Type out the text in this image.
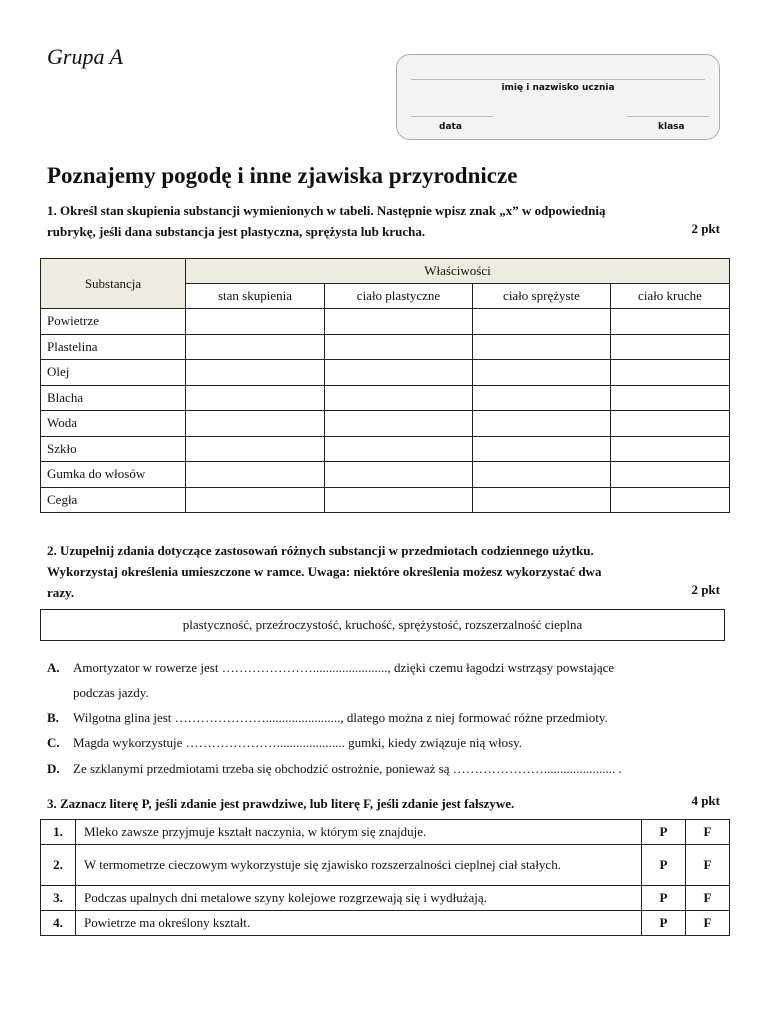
Grupa A
imię i nazwisko ucznia
data	klasa
Poznajemy pogodę i inne zjawiska przyrodnicze
1. Określ stan skupienia substancji wymienionych w tabeli. Następnie wpisz znak „x” w odpowiednią
rubrykę, jeśli dana substancja jest plastyczna, sprężysta lub krucha.	2 pkt
Substancja	Właściwości			
	stan skupienia	ciało plastyczne	ciało sprężyste	ciało kruche
Powietrze				
Plastelina				
Olej				
Blacha				
Woda				
Szkło				
Gumka do włosów				
Cegła				
2. Uzupełnij zdania dotyczące zastosowań różnych substancji w przedmiotach codziennego użytku.
Wykorzystaj określenia umieszczone w ramce. Uwaga: niektóre określenia możesz wykorzystać dwa
razy.	2 pkt
plastyczność, przeźroczystość, kruchość, sprężystość, rozszerzalność cieplna
A. Amortyzator w rowerze jest …………………......................., dzięki czemu łagodzi wstrząsy powstające
podczas jazdy.
B. Wilgotna glina jest …………………......................., dlatego można z niej formować różne przedmioty.
C. Magda wykorzystuje …………………..................... gumki, kiedy związuje nią włosy.
D. Ze szklanymi przedmiotami trzeba się obchodzić ostrożnie, ponieważ są …………………...................... .
3. Zaznacz literę P, jeśli zdanie jest prawdziwe, lub literę F, jeśli zdanie jest fałszywe.	4 pkt
1.	Mleko zawsze przyjmuje kształt naczynia, w którym się znajduje.	P	F
2.	W termometrze cieczowym wykorzystuje się zjawisko rozszerzalności cieplnej ciał stałych.	P	F
3.	Podczas upalnych dni metalowe szyny kolejowe rozgrzewają się i wydłużają.	P	F
4.	Powietrze ma określony kształt.	P	F
